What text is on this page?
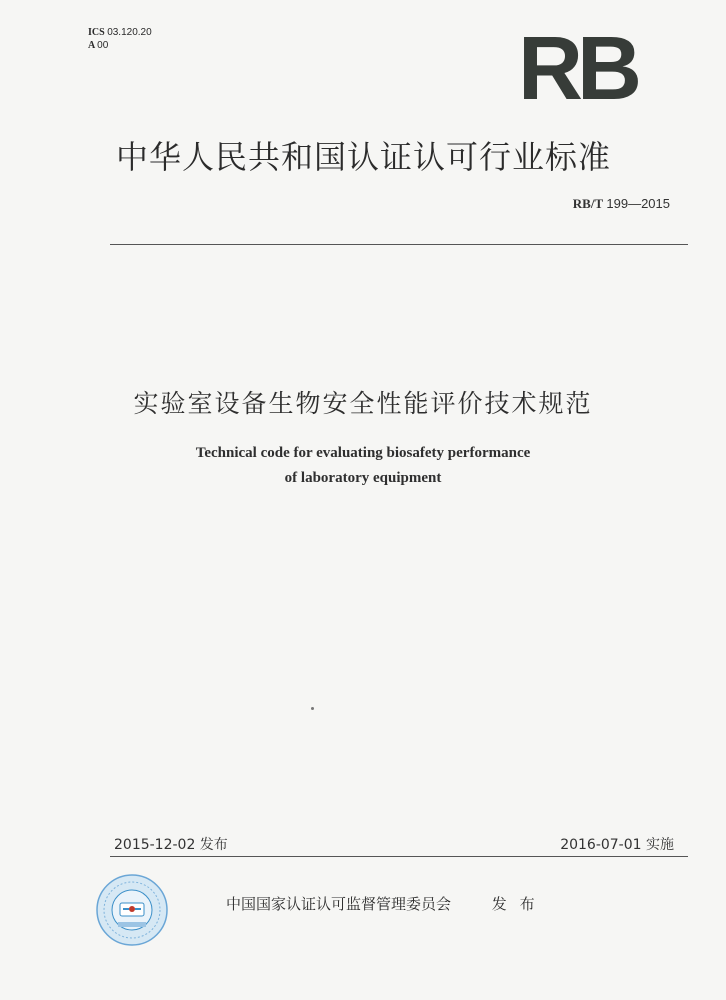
ICS 03.120.20
A 00	RB
中华人民共和国认证认可行业标准
RB/T 199—2015
实验室设备生物安全性能评价技术规范
Technical code for evaluating biosafety performance
of laboratory equipment
2015-12-02 发布	2016-07-01 实施
中国国家认证认可监督管理委员会	发 布
